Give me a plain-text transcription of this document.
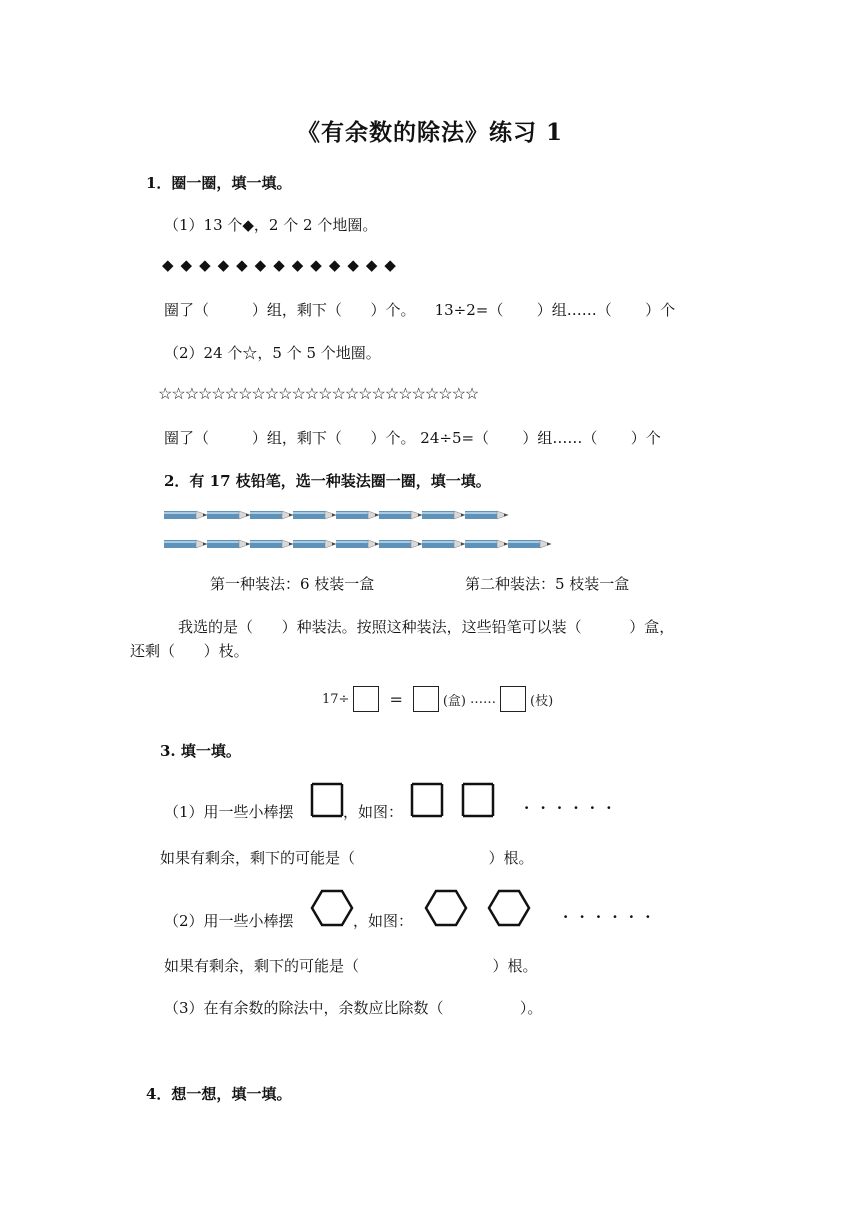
《有余数的除法》练习 1
1．圈一圈，填一填。
（1）13 个◆，2 个 2 个地圈。
◆◆◆◆◆◆◆◆◆◆◆◆◆
圈了（         ）组，剩下（      ）个。    13÷2=（       ）组……（       ）个
（2）24 个☆，5 个 5 个地圈。
☆☆☆☆☆☆☆☆☆☆☆☆☆☆☆☆☆☆☆☆☆☆☆☆
圈了（         ）组，剩下（      ）个。 24÷5=（       ）组……（       ）个
2．有 17 枝铅笔，选一种装法圈一圈，填一填。
第一种装法：6 枝装一盒	第二种装法：5 枝装一盒
我选的是（      ）种装法。按照这种装法，这些铅笔可以装（          ）盒，
还剩（      ）枝。
17÷	=	(盒) ……	(枝)
3. 填一填。
（1）用一些小棒摆	，如图：	· · · · · ·
如果有剩余，剩下的可能是（                            ）根。
（2）用一些小棒摆	，如图：	· · · · · ·
如果有剩余，剩下的可能是（                            ）根。
（3）在有余数的除法中，余数应比除数（                ）。
4．想一想，填一填。
